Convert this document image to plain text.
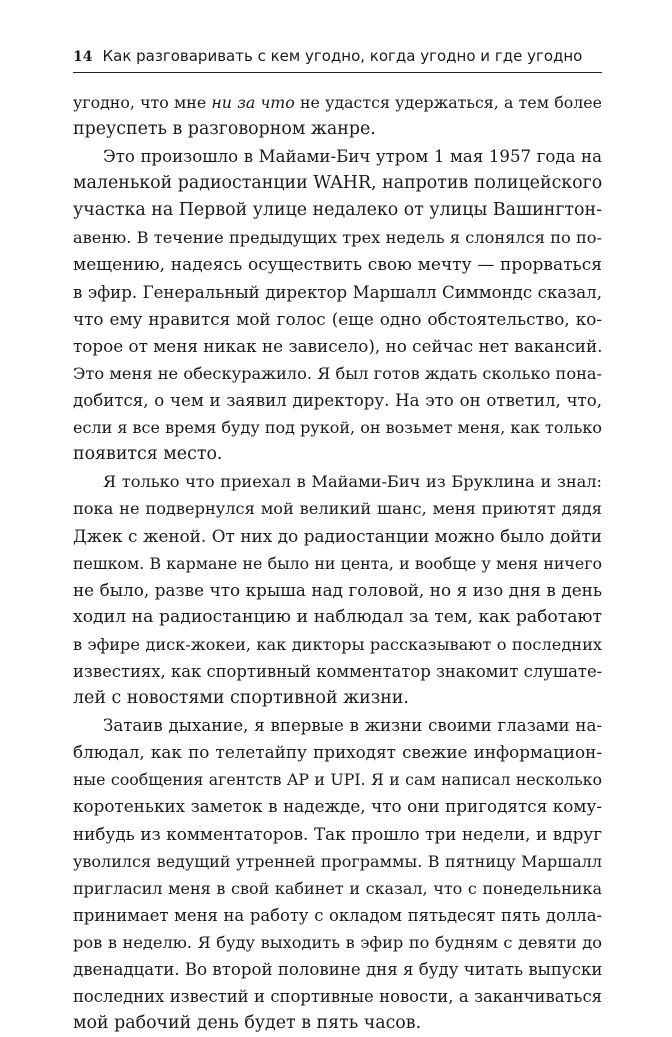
14 Как разговаривать с кем угодно, когда угодно и где угодно
угодно, что мне ни за что не удастся удержаться, а тем более
преуспеть в разговорном жанре.
Это произошло в Майами-Бич утром 1 мая 1957 года на
маленькой радиостанции WAHR, напротив полицейского
участка на Первой улице недалеко от улицы Вашингтон-
авеню. В течение предыдущих трех недель я слонялся по по-
мещению, надеясь осуществить свою мечту — прорваться
в эфир. Генеральный директор Маршалл Симмондс сказал,
что ему нравится мой голос (еще одно обстоятельство, ко-
торое от меня никак не зависело), но сейчас нет вакансий.
Это меня не обескуражило. Я был готов ждать сколько пона-
добится, о чем и заявил директору. На это он ответил, что,
если я все время буду под рукой, он возьмет меня, как только
появится место.
Я только что приехал в Майами-Бич из Бруклина и знал:
пока не подвернулся мой великий шанс, меня приютят дядя
Джек с женой. От них до радиостанции можно было дойти
пешком. В кармане не было ни цента, и вообще у меня ничего
не было, разве что крыша над головой, но я изо дня в день
ходил на радиостанцию и наблюдал за тем, как работают
в эфире диск-жокеи, как дикторы рассказывают о последних
известиях, как спортивный комментатор знакомит слушате-
лей с новостями спортивной жизни.
Затаив дыхание, я впервые в жизни своими глазами на-
блюдал, как по телетайпу приходят свежие информацион-
ные сообщения агентств AP и UPI. Я и сам написал несколько
коротеньких заметок в надежде, что они пригодятся кому-
нибудь из комментаторов. Так прошло три недели, и вдруг
уволился ведущий утренней программы. В пятницу Маршалл
пригласил меня в свой кабинет и сказал, что с понедельника
принимает меня на работу с окладом пятьдесят пять долла-
ров в неделю. Я буду выходить в эфир по будням с девяти до
двенадцати. Во второй половине дня я буду читать выпуски
последних известий и спортивные новости, а заканчиваться
мой рабочий день будет в пять часов.
